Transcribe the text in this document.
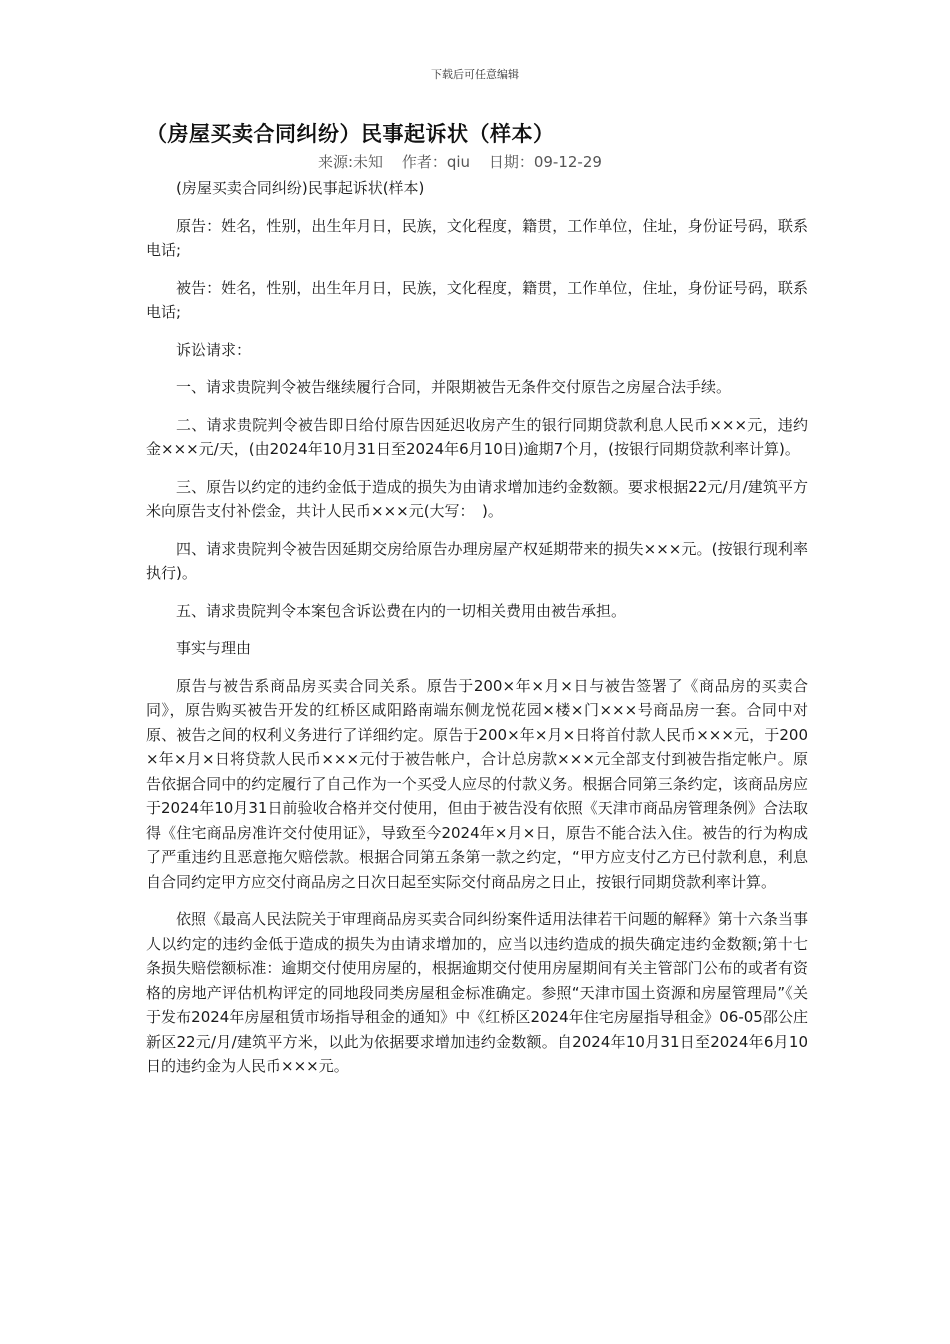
下载后可任意编辑
（房屋买卖合同纠纷）民事起诉状（样本）
来源:未知 作者：qiu 日期：09-12-29

(房屋买卖合同纠纷)民事起诉状(样本)

原告：姓名，性别，出生年月日，民族，文化程度，籍贯，工作单位，住址，身份证号码，联系电话;

被告：姓名，性别，出生年月日，民族，文化程度，籍贯，工作单位，住址，身份证号码，联系电话;

诉讼请求：

一、请求贵院判令被告继续履行合同，并限期被告无条件交付原告之房屋合法手续。

二、请求贵院判令被告即日给付原告因延迟收房产生的银行同期贷款利息人民币×××元，违约金×××元/天，(由2024年10月31日至2024年6月10日)逾期7个月，(按银行同期贷款利率计算)。

三、原告以约定的违约金低于造成的损失为由请求增加违约金数额。要求根据22元/月/建筑平方米向原告支付补偿金，共计人民币×××元(大写：　)。

四、请求贵院判令被告因延期交房给原告办理房屋产权延期带来的损失×××元。(按银行现利率执行)。

五、请求贵院判令本案包含诉讼费在内的一切相关费用由被告承担。

事实与理由

原告与被告系商品房买卖合同关系。原告于200×年×月×日与被告签署了《商品房的买卖合同》，原告购买被告开发的红桥区咸阳路南端东侧龙悦花园×楼×门×××号商品房一套。合同中对原、被告之间的权利义务进行了详细约定。原告于200×年×月×日将首付款人民币×××元，于200 ×年×月×日将贷款人民币×××元付于被告帐户，合计总房款×××元全部支付到被告指定帐户。原告依据合同中的约定履行了自己作为一个买受人应尽的付款义务。根据合同第三条约定，该商品房应于2024年10月31日前验收合格并交付使用，但由于被告没有依照《天津市商品房管理条例》合法取得《住宅商品房准许交付使用证》，导致至今2024年×月×日，原告不能合法入住。被告的行为构成了严重违约且恶意拖欠赔偿款。根据合同第五条第一款之约定，“甲方应支付乙方已付款利息，利息自合同约定甲方应交付商品房之日次日起至实际交付商品房之日止，按银行同期贷款利率计算。

依照《最高人民法院关于审理商品房买卖合同纠纷案件适用法律若干问题的解释》第十六条当事人以约定的违约金低于造成的损失为由请求增加的，应当以违约造成的损失确定违约金数额;第十七条损失赔偿额标准：逾期交付使用房屋的，根据逾期交付使用房屋期间有关主管部门公布的或者有资格的房地产评估机构评定的同地段同类房屋租金标准确定。参照“天津市国土资源和房屋管理局”《关于发布2024年房屋租赁市场指导租金的通知》中《红桥区2024年住宅房屋指导租金》06-05邵公庄新区22元/月/建筑平方米，以此为依据要求增加违约金数额。自2024年10月31日至2024年6月10日的违约金为人民币×××元。
